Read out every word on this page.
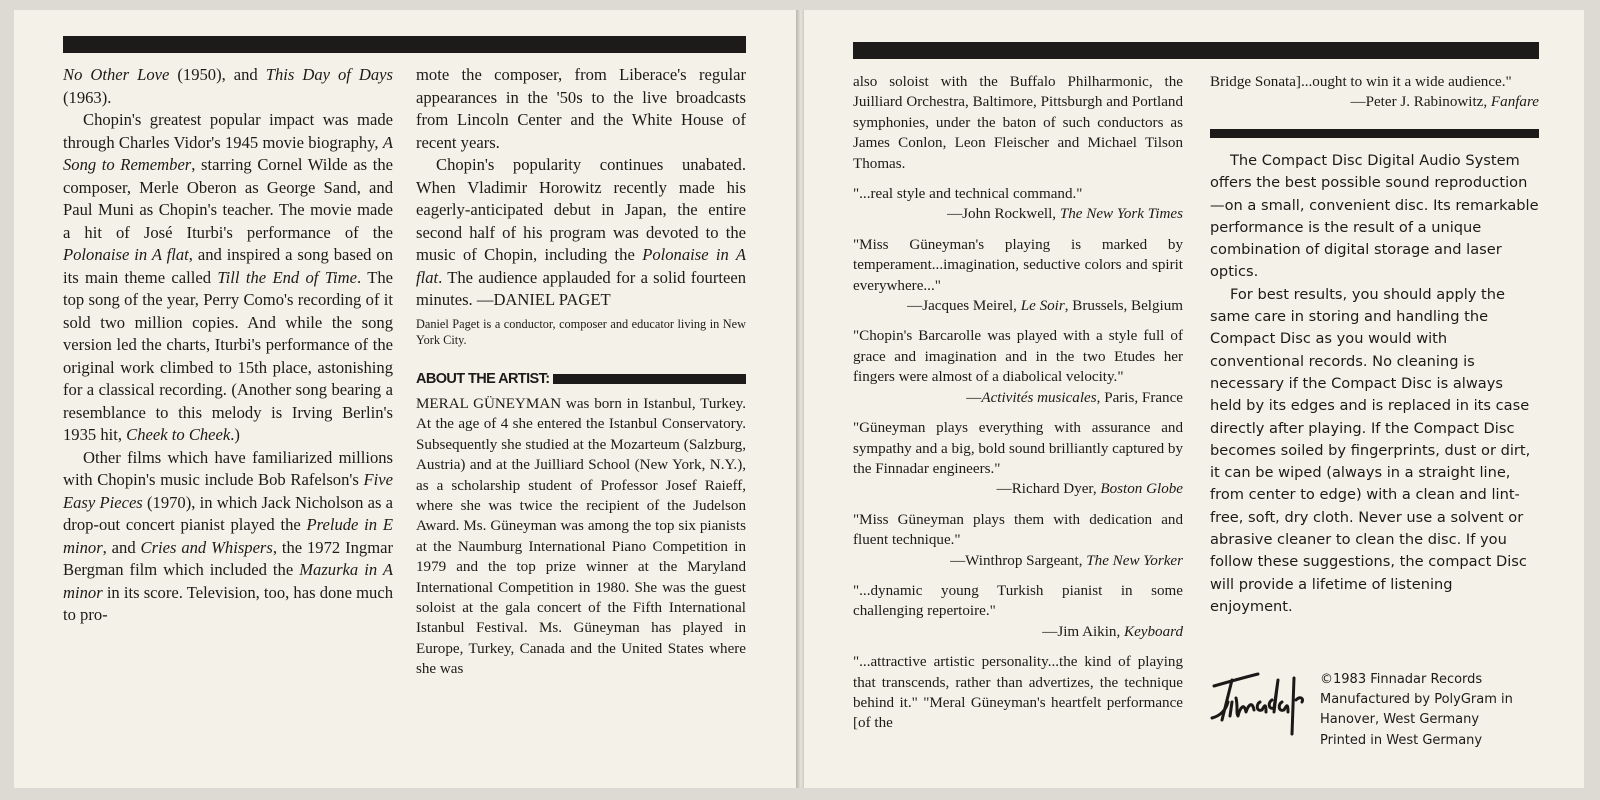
No Other Love (1950), and This Day of Days (1963).

Chopin's greatest popular impact was made through Charles Vidor's 1945 movie biography, A Song to Remember, starring Cornel Wilde as the composer, Merle Oberon as George Sand, and Paul Muni as Chopin's teacher. The movie made a hit of José Iturbi's performance of the Polonaise in A flat, and inspired a song based on its main theme called Till the End of Time. The top song of the year, Perry Como's recording of it sold two million copies. And while the song version led the charts, Iturbi's performance of the original work climbed to 15th place, astonishing for a classical recording. (Another song bearing a resemblance to this melody is Irving Berlin's 1935 hit, Cheek to Cheek.)

Other films which have familiarized millions with Chopin's music include Bob Rafelson's Five Easy Pieces (1970), in which Jack Nicholson as a drop-out concert pianist played the Prelude in E minor, and Cries and Whispers, the 1972 Ingmar Bergman film which included the Mazurka in A minor in its score. Television, too, has done much to pro-

mote the composer, from Liberace's regular appearances in the '50s to the live broadcasts from Lincoln Center and the White House of recent years.

Chopin's popularity continues unabated. When Vladimir Horowitz recently made his eagerly-anticipated debut in Japan, the entire second half of his program was devoted to the music of Chopin, including the Polonaise in A flat. The audience applauded for a solid fourteen minutes. —DANIEL PAGET

Daniel Paget is a conductor, composer and educator living in New York City.

ABOUT THE ARTIST:

MERAL GÜNEYMAN was born in Istanbul, Turkey. At the age of 4 she entered the Istanbul Conservatory. Subsequently she studied at the Mozarteum (Salzburg, Austria) and at the Juilliard School (New York, N.Y.), as a scholarship student of Professor Josef Raieff, where she was twice the recipient of the Judelson Award. Ms. Güneyman was among the top six pianists at the Naumburg International Piano Competition in 1979 and the top prize winner at the Maryland International Competition in 1980. She was the guest soloist at the gala concert of the Fifth International Istanbul Festival. Ms. Güneyman has played in Europe, Turkey, Canada and the United States where she was

also soloist with the Buffalo Philharmonic, the Juilliard Orchestra, Baltimore, Pittsburgh and Portland symphonies, under the baton of such conductors as James Conlon, Leon Fleischer and Michael Tilson Thomas.

"...real style and technical command."
—John Rockwell, The New York Times
"Miss Güneyman's playing is marked by temperament...imagination, seductive colors and spirit everywhere..."
—Jacques Meirel, Le Soir, Brussels, Belgium
"Chopin's Barcarolle was played with a style full of grace and imagination and in the two Etudes her fingers were almost of a diabolical velocity."
—Activités musicales, Paris, France
"Güneyman plays everything with assurance and sympathy and a big, bold sound brilliantly captured by the Finnadar engineers."
—Richard Dyer, Boston Globe
"Miss Güneyman plays them with dedication and fluent technique."
—Winthrop Sargeant, The New Yorker
"...dynamic young Turkish pianist in some challenging repertoire."
—Jim Aikin, Keyboard
"...attractive artistic personality...the kind of playing that transcends, rather than advertizes, the technique behind it." "Meral Güneyman's heartfelt performance [of the
Bridge Sonata]...ought to win it a wide audience."
—Peter J. Rabinowitz, Fanfare

The Compact Disc Digital Audio System offers the best possible sound reproduction—on a small, convenient disc. Its remarkable performance is the result of a unique combination of digital storage and laser optics.

For best results, you should apply the same care in storing and handling the Compact Disc as you would with conventional records. No cleaning is necessary if the Compact Disc is always held by its edges and is replaced in its case directly after playing. If the Compact Disc becomes soiled by fingerprints, dust or dirt, it can be wiped (always in a straight line, from center to edge) with a clean and lint-free, soft, dry cloth. Never use a solvent or abrasive cleaner to clean the disc. If you follow these suggestions, the compact Disc will provide a lifetime of listening enjoyment.

©1983 Finnadar Records
Manufactured by PolyGram in
Hanover, West Germany
Printed in West Germany
